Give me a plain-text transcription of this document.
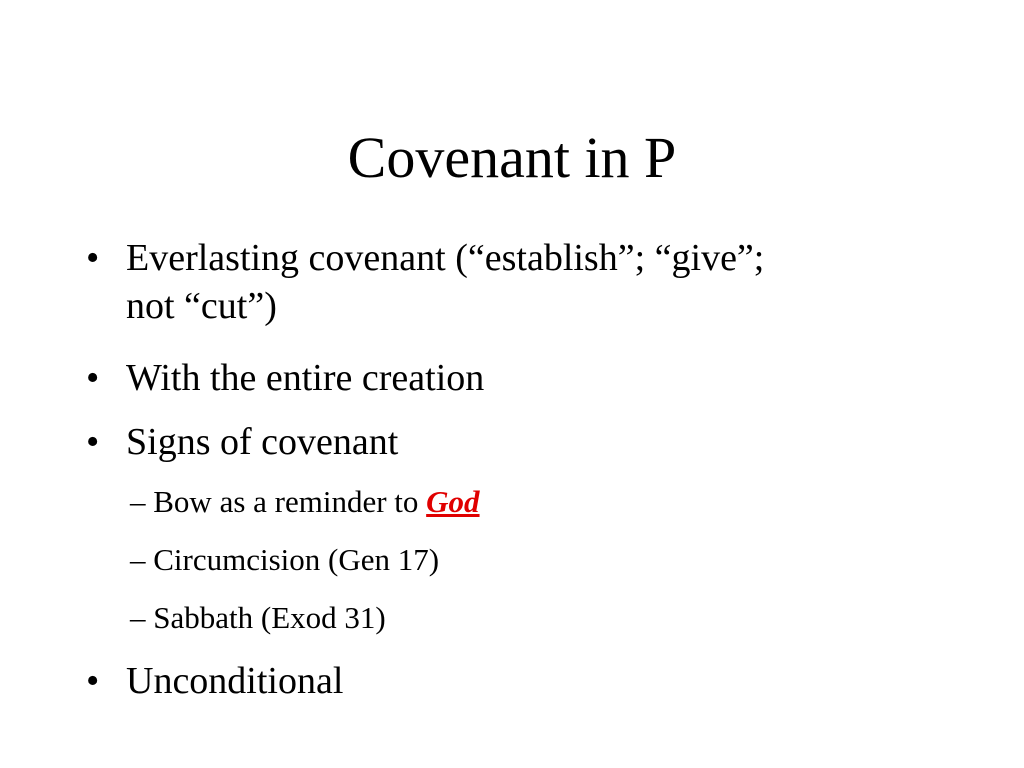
Covenant in P
• Everlasting covenant (“establish”; “give”;
not “cut”)
• With the entire creation
• Signs of covenant
– Bow as a reminder to God
– Circumcision (Gen 17)
– Sabbath (Exod 31)
• Unconditional
